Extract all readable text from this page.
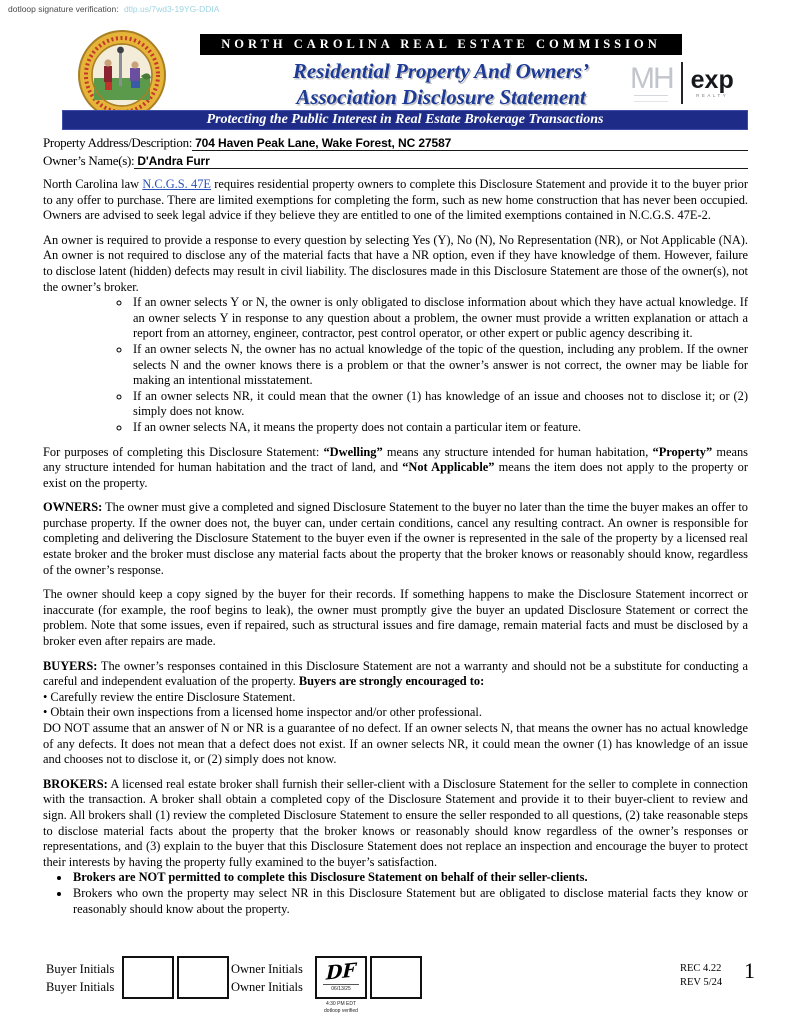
dotloop signature verification: dtlp.us/7wd3-19YG-DDIA
NORTH CAROLINA REAL ESTATE COMMISSION
Residential Property And Owners’
Association Disclosure Statement
MH exp
REALTY
Protecting the Public Interest in Real Estate Brokerage Transactions
Property Address/Description: 704 Haven Peak Lane, Wake Forest, NC 27587
Owner’s Name(s): D'Andra Furr

North Carolina law N.C.G.S. 47E requires residential property owners to complete this Disclosure Statement and provide it to the buyer prior to any offer to purchase. There are limited exemptions for completing the form, such as new home construction that has never been occupied. Owners are advised to seek legal advice if they believe they are entitled to one of the limited exemptions contained in N.C.G.S. 47E-2.

An owner is required to provide a response to every question by selecting Yes (Y), No (N), No Representation (NR), or Not Applicable (NA). An owner is not required to disclose any of the material facts that have a NR option, even if they have knowledge of them. However, failure to disclose latent (hidden) defects may result in civil liability. The disclosures made in this Disclosure Statement are those of the owner(s), not the owner’s broker.

◦ If an owner selects Y or N, the owner is only obligated to disclose information about which they have actual knowledge. If an owner selects Y in response to any question about a problem, the owner must provide a written explanation or attach a report from an attorney, engineer, contractor, pest control operator, or other expert or public agency describing it.
◦ If an owner selects N, the owner has no actual knowledge of the topic of the question, including any problem. If the owner selects N and the owner knows there is a problem or that the owner’s answer is not correct, the owner may be liable for making an intentional misstatement.
◦ If an owner selects NR, it could mean that the owner (1) has knowledge of an issue and chooses not to disclose it; or (2) simply does not know.
◦ If an owner selects NA, it means the property does not contain a particular item or feature.

For purposes of completing this Disclosure Statement: “Dwelling” means any structure intended for human habitation, “Property” means any structure intended for human habitation and the tract of land, and “Not Applicable” means the item does not apply to the property or exist on the property.

OWNERS: The owner must give a completed and signed Disclosure Statement to the buyer no later than the time the buyer makes an offer to purchase property. If the owner does not, the buyer can, under certain conditions, cancel any resulting contract. An owner is responsible for completing and delivering the Disclosure Statement to the buyer even if the owner is represented in the sale of the property by a licensed real estate broker and the broker must disclose any material facts about the property that the broker knows or reasonably should know, regardless of the owner’s response.

The owner should keep a copy signed by the buyer for their records. If something happens to make the Disclosure Statement incorrect or inaccurate (for example, the roof begins to leak), the owner must promptly give the buyer an updated Disclosure Statement or correct the problem. Note that some issues, even if repaired, such as structural issues and fire damage, remain material facts and must be disclosed by a broker even after repairs are made.

BUYERS: The owner’s responses contained in this Disclosure Statement are not a warranty and should not be a substitute for conducting a careful and independent evaluation of the property. Buyers are strongly encouraged to:

• Carefully review the entire Disclosure Statement.
• Obtain their own inspections from a licensed home inspector and/or other professional.

DO NOT assume that an answer of N or NR is a guarantee of no defect. If an owner selects N, that means the owner has no actual knowledge of any defects. It does not mean that a defect does not exist. If an owner selects NR, it could mean the owner (1) has knowledge of an issue and chooses not to disclose it, or (2) simply does not know.

BROKERS: A licensed real estate broker shall furnish their seller-client with a Disclosure Statement for the seller to complete in connection with the transaction. A broker shall obtain a completed copy of the Disclosure Statement and provide it to their buyer-client to review and sign. All brokers shall (1) review the completed Disclosure Statement to ensure the seller responded to all questions, (2) take reasonable steps to disclose material facts about the property that the broker knows or reasonably should know regardless of the owner’s responses or representations, and (3) explain to the buyer that this Disclosure Statement does not replace an inspection and encourage the buyer to protect their interests by having the property fully examined to the buyer’s satisfaction.

• Brokers are NOT permitted to complete this Disclosure Statement on behalf of their seller-clients.
• Brokers who own the property may select NR in this Disclosure Statement but are obligated to disclose material facts they know or reasonably should know about the property.
Buyer Initials
Buyer Initials
Owner Initials
Owner Initials
DF
06/13/25
4:30 PM EDT
dotloop verified
REC 4.22
REV 5/24 1
